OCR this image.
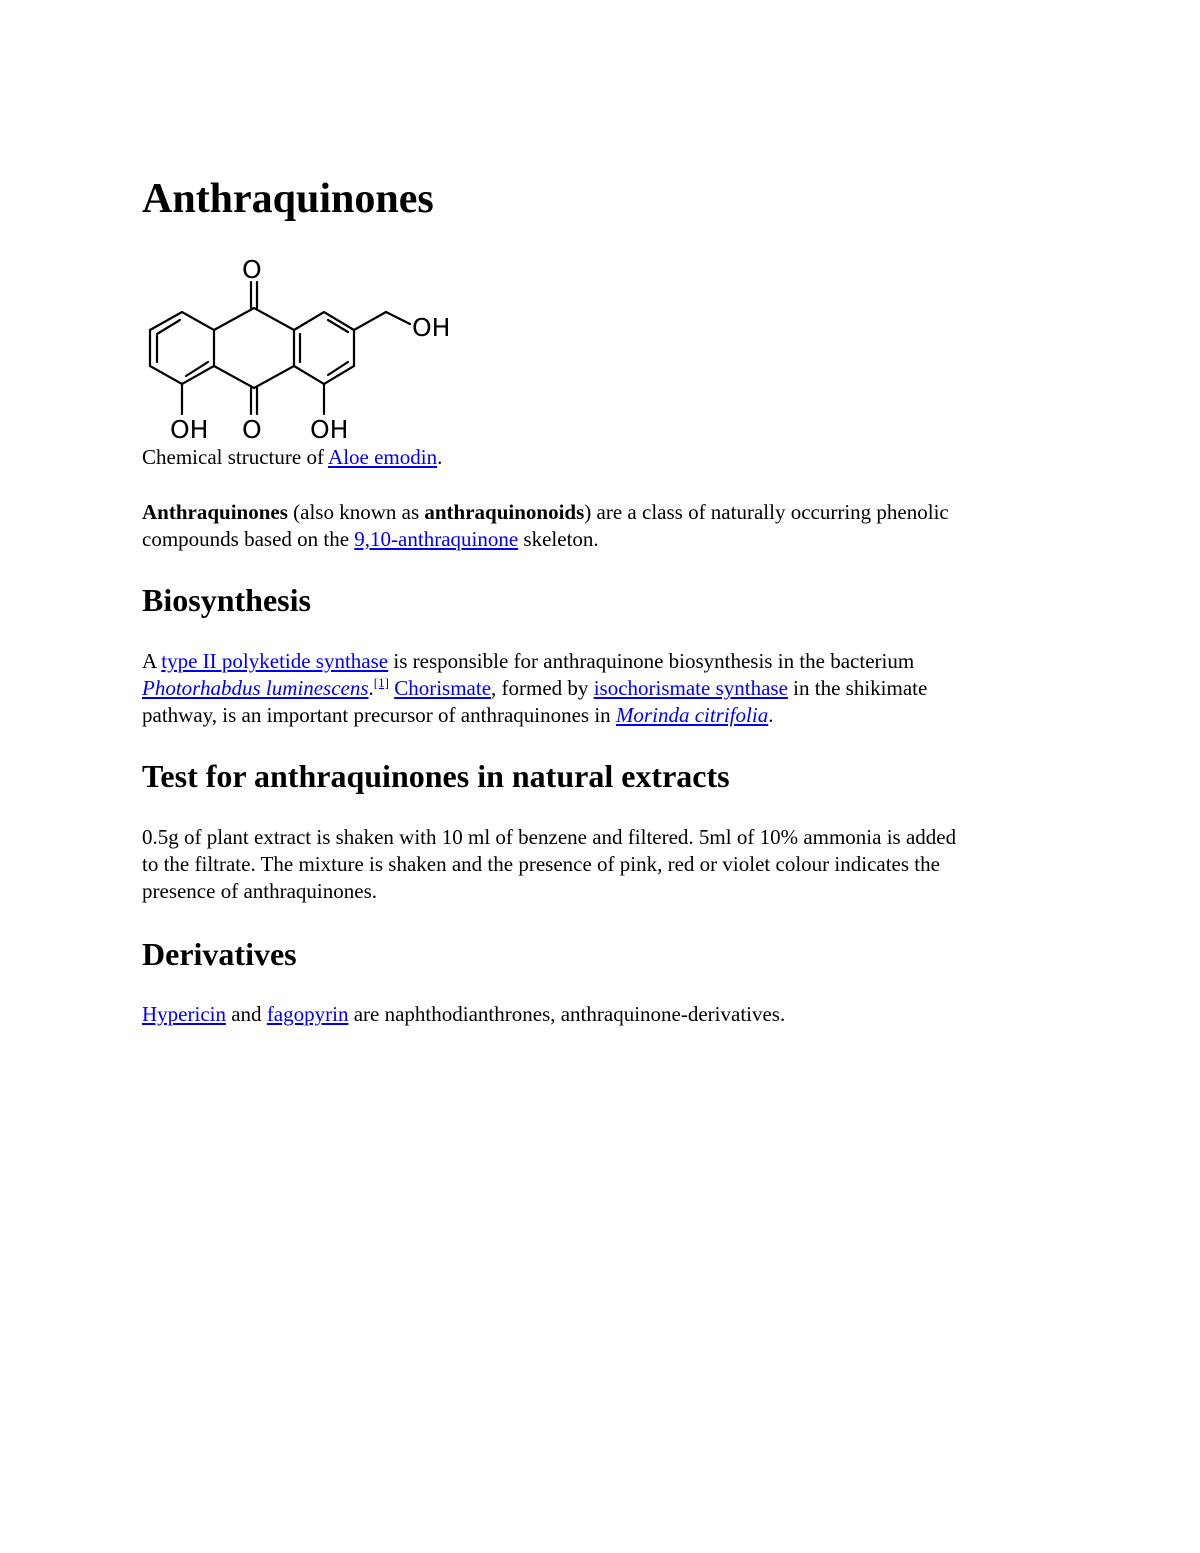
Anthraquinones
O
OH
OH O OH
Chemical structure of Aloe emodin.

Anthraquinones (also known as anthraquinonoids) are a class of naturally occurring phenolic
compounds based on the 9,10-anthraquinone skeleton.

Biosynthesis

A type II polyketide synthase is responsible for anthraquinone biosynthesis in the bacterium
Photorhabdus luminescens.[1] Chorismate, formed by isochorismate synthase in the shikimate
pathway, is an important precursor of anthraquinones in Morinda citrifolia.

Test for anthraquinones in natural extracts

0.5g of plant extract is shaken with 10 ml of benzene and filtered. 5ml of 10% ammonia is added
to the filtrate. The mixture is shaken and the presence of pink, red or violet colour indicates the
presence of anthraquinones.

Derivatives

Hypericin and fagopyrin are naphthodianthrones, anthraquinone-derivatives.
